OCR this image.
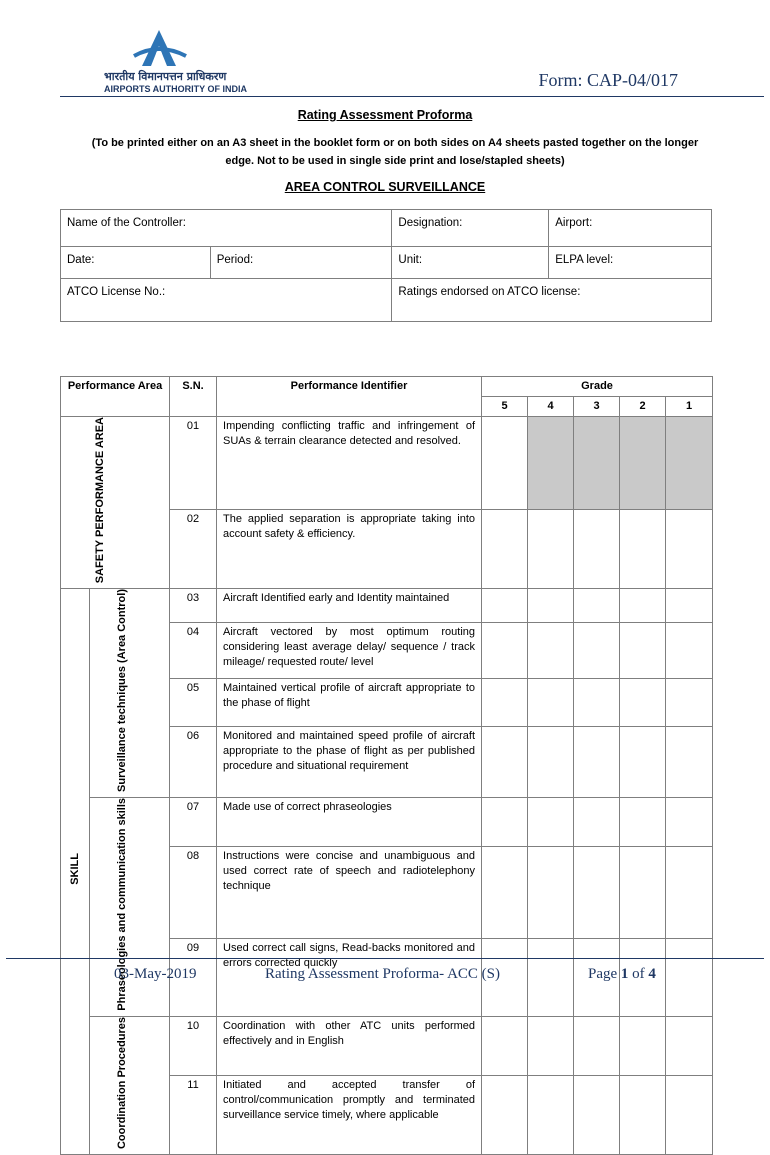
भारतीय विमानपत्तन प्राधिकरण
AIRPORTS AUTHORITY OF INDIA	Form: CAP-04/017
Rating Assessment Proforma
(To be printed either on an A3 sheet in the booklet form or on both sides on A4 sheets pasted together on the longer edge. Not to be used in single side print and lose/stapled sheets)
AREA CONTROL SURVEILLANCE
Name of the Controller:		Designation:	Airport:
Date:	Period:	Unit:	ELPA level:
ATCO License No.:		Ratings endorsed on ATCO license:	
Performance Area		S.N.	Performance Identifier	Grade				
				5	4	3	2	1
SAFETY PERFORMANCE AREA		01	Impending conflicting traffic and infringement of SUAs & terrain clearance detected and resolved.					
		02	The applied separation is appropriate taking into account safety & efficiency.					
SKILL	Surveillance techniques (Area Control)	03	Aircraft Identified early and Identity maintained					
		04	Aircraft vectored by most optimum routing considering least average delay/ sequence / track mileage/ requested route/ level					
		05	Maintained vertical profile of aircraft appropriate to the phase of flight					
		06	Monitored and maintained speed profile of aircraft appropriate to the phase of flight as per published procedure and situational requirement					
	Phraseologies and communication skills	07	Made use of correct phraseologies					
		08	Instructions were concise and unambiguous and used correct rate of speech and radiotelephony technique					
		09	Used correct call signs, Read-backs monitored and errors corrected quickly					
	Coordination Procedures	10	Coordination with other ATC units performed effectively and in English					
		11	Initiated and accepted transfer of control/communication promptly and terminated surveillance service timely, where applicable					
03-May-2019	Rating Assessment Proforma- ACC (S)	Page 1 of 4
